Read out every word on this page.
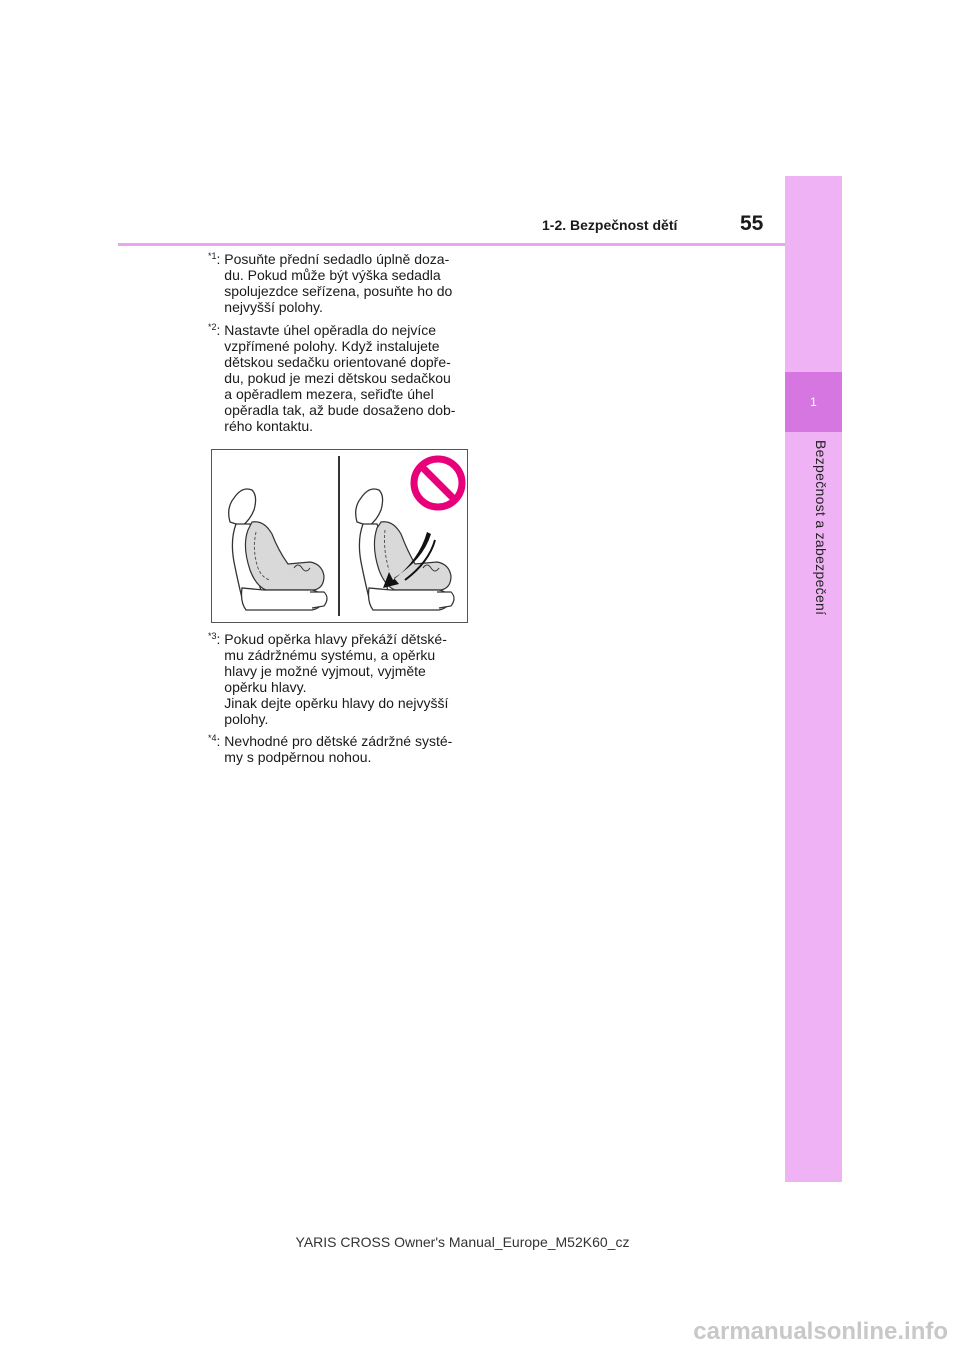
1
Bezpečnost a zabezpečení
1-2. Bezpečnost dětí	55
$^{*1}$: Posuňte přední sedadlo úplně doza-
du. Pokud může být výška sedadla
spolujezdce seřízena, posuňte ho do
nejvyšší polohy.
$^{*2}$: Nastavte úhel opěradla do nejvíce
vzpřímené polohy. Když instalujete
dětskou sedačku orientované dopře-
du, pokud je mezi dětskou sedačkou
a opěradlem mezera, seřiďte úhel
opěradla tak, až bude dosaženo dob-
rého kontaktu.
$^{*3}$: Pokud opěrka hlavy překáží dětské-
mu zádržnému systému, a opěrku
hlavy je možné vyjmout, vyjměte
opěrku hlavy.
Jinak dejte opěrku hlavy do nejvyšší
polohy.
$^{*4}$: Nevhodné pro dětské zádržné systé-
my s podpěrnou nohou.
YARIS CROSS Owner's Manual_Europe_M52K60_cz
carmanualsonline.info
